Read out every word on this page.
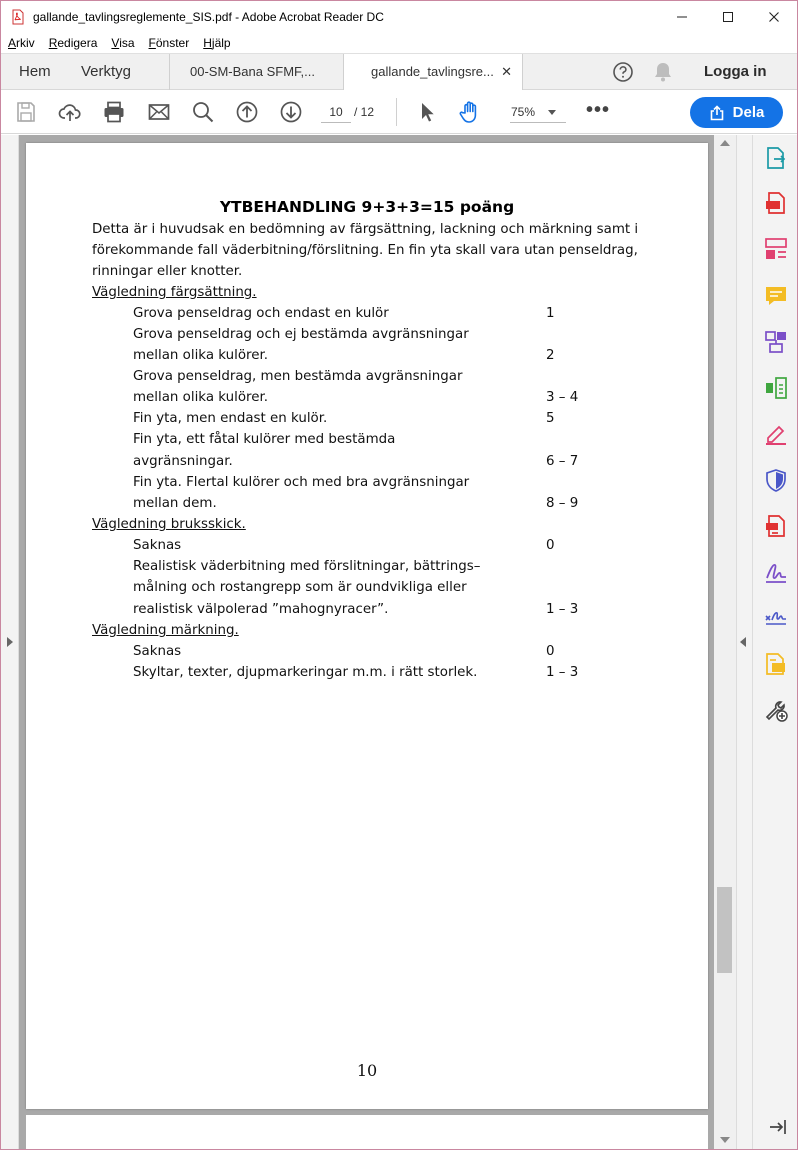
gallande_tavlingsreglemente_SIS.pdf - Adobe Acrobat Reader DC
Arkiv Redigera Visa Fönster Hjälp
Hem Verktyg	00-SM-Bana SFMF,...	gallande_tavlingsre... ✕	Logga in
10 / 12	75%	•••	Dela
YTBEHANDLING 9+3+3=15 poäng
Detta är i huvudsak en bedömning av färgsättning, lackning och märkning samt i
förekommande fall väderbitning/förslitning. En fin yta skall vara utan penseldrag,
rinningar eller knotter.
Vägledning färgsättning.
Grova penseldrag och endast en kulör	1
Grova penseldrag och ej bestämda avgränsningar
mellan olika kulörer.	2
Grova penseldrag, men bestämda avgränsningar
mellan olika kulörer.	3 – 4
Fin yta, men endast en kulör.	5
Fin yta, ett fåtal kulörer med bestämda
avgränsningar.	6 – 7
Fin yta. Flertal kulörer och med bra avgränsningar
mellan dem.	8 – 9
Vägledning bruksskick.
Saknas	0
Realistisk väderbitning med förslitningar, bättrings–
målning och rostangrepp som är oundvikliga eller
realistisk välpolerad ”mahognyracer”.	1 – 3
Vägledning märkning.
Saknas	0
Skyltar, texter, djupmarkeringar m.m. i rätt storlek.	1 – 3
10
